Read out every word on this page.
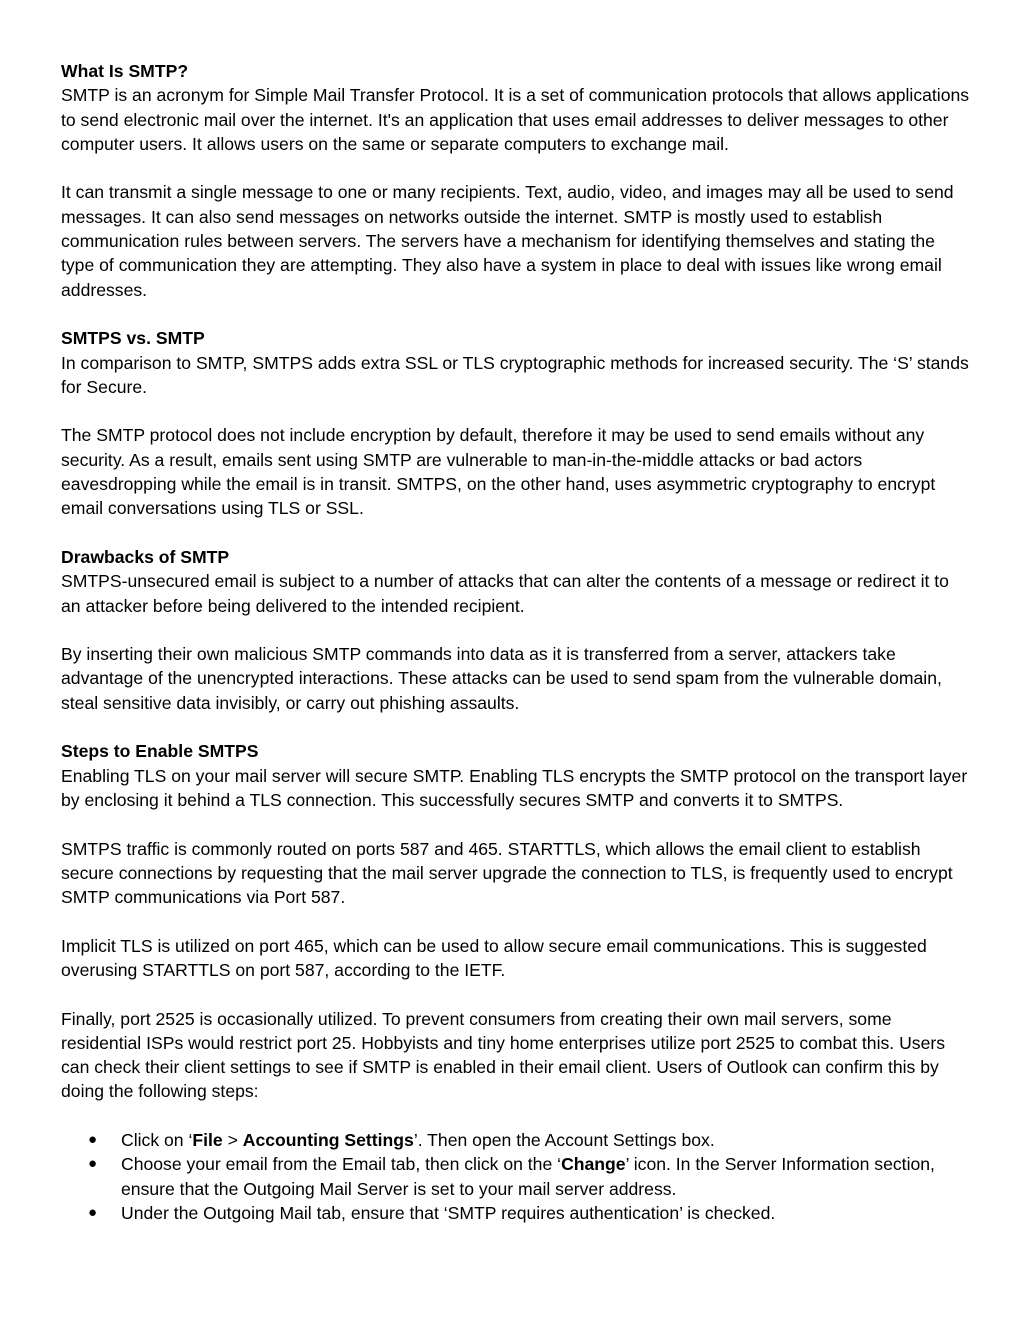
What Is SMTP?

SMTP is an acronym for Simple Mail Transfer Protocol. It is a set of communication protocols that allows applications to send electronic mail over the internet. It's an application that uses email addresses to deliver messages to other computer users. It allows users on the same or separate computers to exchange mail.

It can transmit a single message to one or many recipients. Text, audio, video, and images may all be used to send messages. It can also send messages on networks outside the internet. SMTP is mostly used to establish communication rules between servers. The servers have a mechanism for identifying themselves and stating the type of communication they are attempting. They also have a system in place to deal with issues like wrong email addresses.

SMTPS vs. SMTP

In comparison to SMTP, SMTPS adds extra SSL or TLS cryptographic methods for increased security. The ‘S’ stands for Secure.

The SMTP protocol does not include encryption by default, therefore it may be used to send emails without any security. As a result, emails sent using SMTP are vulnerable to man-in-the-middle attacks or bad actors eavesdropping while the email is in transit. SMTPS, on the other hand, uses asymmetric cryptography to encrypt email conversations using TLS or SSL.

Drawbacks of SMTP

SMTPS-unsecured email is subject to a number of attacks that can alter the contents of a message or redirect it to an attacker before being delivered to the intended recipient.

By inserting their own malicious SMTP commands into data as it is transferred from a server, attackers take advantage of the unencrypted interactions. These attacks can be used to send spam from the vulnerable domain, steal sensitive data invisibly, or carry out phishing assaults.

Steps to Enable SMTPS

Enabling TLS on your mail server will secure SMTP. Enabling TLS encrypts the SMTP protocol on the transport layer by enclosing it behind a TLS connection. This successfully secures SMTP and converts it to SMTPS.

SMTPS traffic is commonly routed on ports 587 and 465. STARTTLS, which allows the email client to establish secure connections by requesting that the mail server upgrade the connection to TLS, is frequently used to encrypt SMTP communications via Port 587.

Implicit TLS is utilized on port 465, which can be used to allow secure email communications. This is suggested overusing STARTTLS on port 587, according to the IETF.

Finally, port 2525 is occasionally utilized. To prevent consumers from creating their own mail servers, some residential ISPs would restrict port 25. Hobbyists and tiny home enterprises utilize port 2525 to combat this. Users can check their client settings to see if SMTP is enabled in their email client. Users of Outlook can confirm this by doing the following steps:

● Click on ‘File > Accounting Settings’. Then open the Account Settings box.
● Choose your email from the Email tab, then click on the ‘Change’ icon. In the Server Information section, ensure that the Outgoing Mail Server is set to your mail server address.
● Under the Outgoing Mail tab, ensure that ‘SMTP requires authentication’ is checked.
